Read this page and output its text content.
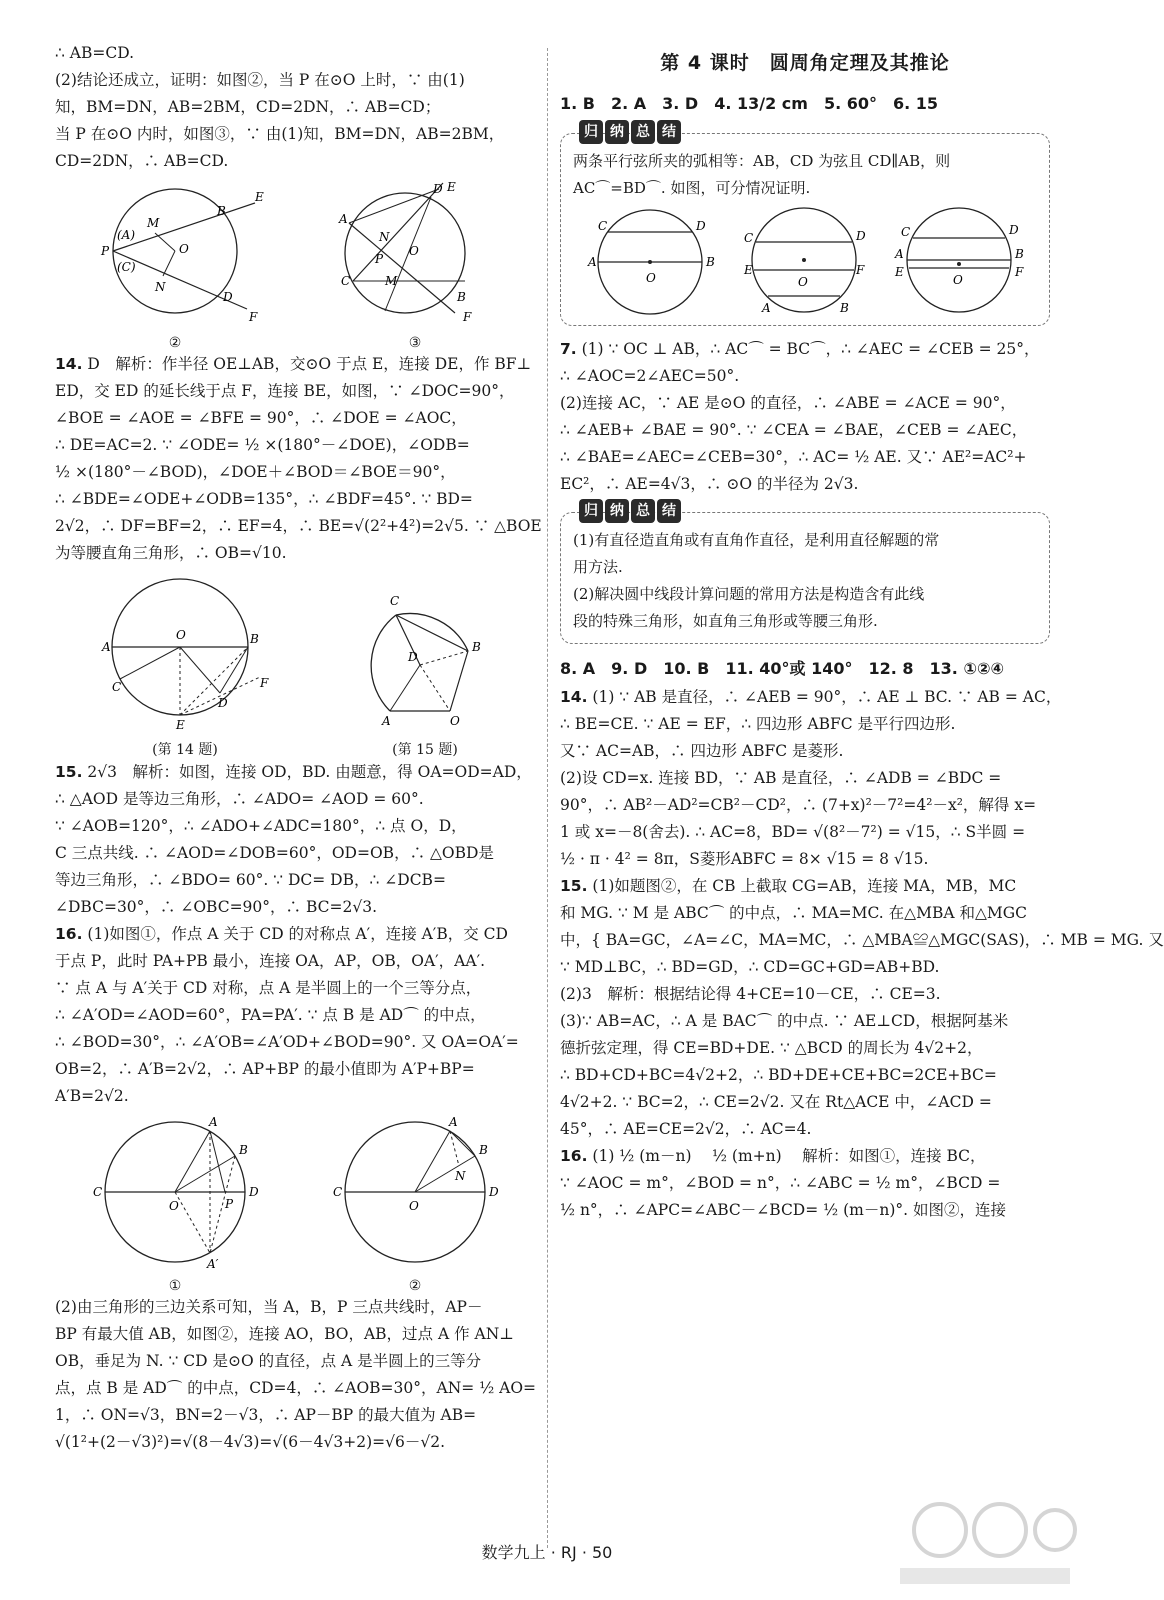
∴ AB=CD.
(2)结论还成立，证明：如图②，当 P 在⊙O 上时，∵ 由(1)
知，BM=DN，AB=2BM，CD=2DN，∴ AB=CD；
当 P 在⊙O 内时，如图③，∵ 由(1)知，BM=DN，AB=2BM，
CD=2DN，∴ AB=CD.
P
(A)
(C)
M
N
O
B
E
D
F
②
A
C
N
P
M
O
D E
B
F
③
14. D　解析：作半径 OE⊥AB，交⊙O 于点 E，连接 DE，作 BF⊥
ED，交 ED 的延长线于点 F，连接 BE，如图，∵ ∠DOC=90°，
∠BOE = ∠AOE = ∠BFE = 90°，∴ ∠DOE = ∠AOC，
∴ DE=AC=2. ∵ ∠ODE= ½ ×(180°－∠DOE)，∠ODB=
½ ×(180°－∠BOD)，∠DOE＋∠BOD＝∠BOE＝90°，
∴ ∠BDE=∠ODE+∠ODB=135°，∴ ∠BDF=45°. ∵ BD=
2√2，∴ DF=BF=2，∴ EF=4，∴ BE=√(2²+4²)=2√5. ∵ △BOE
为等腰直角三角形，∴ OB=√10.
A
C
O	B
D
E
F
(第 14 题)
C
D
B
A	O
(第 15 题)
15. 2√3　解析：如图，连接 OD，BD. 由题意，得 OA=OD=AD，
∴ △AOD 是等边三角形，∴ ∠ADO= ∠AOD = 60°.
∵ ∠AOB=120°，∴ ∠ADO+∠ADC=180°，∴ 点 O，D，
C 三点共线. ∴ ∠AOD=∠DOB=60°，OD=OB，∴ △OBD是
等边三角形，∴ ∠BDO= 60°. ∵ DC= DB，∴ ∠DCB=
∠DBC=30°，∴ ∠OBC=90°，∴ BC=2√3.
16. (1)如图①，作点 A 关于 CD 的对称点 A′，连接 A′B，交 CD
于点 P，此时 PA+PB 最小，连接 OA，AP，OB，OA′，AA′.
∵ 点 A 与 A′关于 CD 对称，点 A 是半圆上的一个三等分点，
∴ ∠A′OD=∠AOD=60°，PA=PA′. ∵ 点 B 是 AD⌒ 的中点，
∴ ∠BOD=30°，∴ ∠A′OB=∠A′OD+∠BOD=90°. 又 OA=OA′=
OB=2，∴ A′B=2√2，∴ AP+BP 的最小值即为 A′P+BP=
A′B=2√2.
C
O
D
A
B
P
A′
①
C
O
D
A
B
N
②
(2)由三角形的三边关系可知，当 A，B，P 三点共线时，AP－
BP 有最大值 AB，如图②，连接 AO，BO，AB，过点 A 作 AN⊥
OB，垂足为 N. ∵ CD 是⊙O 的直径，点 A 是半圆上的三等分
点，点 B 是 AD⌒ 的中点，CD=4，∴ ∠AOB=30°，AN= ½ AO=
1，∴ ON=√3，BN=2－√3，∴ AP－BP 的最大值为 AB=
√(1²+(2－√3)²)=√(8－4√3)=√(6－4√3+2)=√6－√2.
第 4 课时　圆周角定理及其推论
1. B　2. A　3. D　4. 13/2 cm　5. 60°　6. 15
归 纳 总 结
两条平行弦所夹的弧相等：AB，CD 为弦且 CD∥AB，则
AC⌒=BD⌒. 如图，可分情况证明.
A	B
C	D
O
C	D
E	F
A	B
O
C	D
A	B
E	F
O
7. (1) ∵ OC ⊥ AB，∴ AC⌒ = BC⌒，∴ ∠AEC = ∠CEB = 25°，
∴ ∠AOC=2∠AEC=50°.
(2)连接 AC，∵ AE 是⊙O 的直径，∴ ∠ABE = ∠ACE = 90°，
∴ ∠AEB+ ∠BAE = 90°. ∵ ∠CEA = ∠BAE，∠CEB = ∠AEC，
∴ ∠BAE=∠AEC=∠CEB=30°，∴ AC= ½ AE. 又∵ AE²=AC²+
EC²，∴ AE=4√3，∴ ⊙O 的半径为 2√3.
归 纳 总 结
(1)有直径造直角或有直角作直径，是利用直径解题的常
用方法.
(2)解决圆中线段计算问题的常用方法是构造含有此线
段的特殊三角形，如直角三角形或等腰三角形.
8. A　9. D　10. B　11. 40°或 140°　12. 8　13. ①②④
14. (1) ∵ AB 是直径，∴ ∠AEB = 90°，∴ AE ⊥ BC. ∵ AB = AC，
∴ BE=CE. ∵ AE = EF，∴ 四边形 ABFC 是平行四边形.
又∵ AC=AB，∴ 四边形 ABFC 是菱形.
(2)设 CD=x. 连接 BD，∵ AB 是直径，∴ ∠ADB = ∠BDC =
90°，∴ AB²－AD²=CB²－CD²，∴ (7+x)²－7²=4²－x²，解得 x=
1 或 x=－8(舍去). ∴ AC=8，BD= √(8²－7²) = √15，∴ S半圆 =
½ · π · 4² = 8π，S菱形ABFC = 8× √15 = 8 √15.
15. (1)如题图②，在 CB 上截取 CG=AB，连接 MA，MB，MC
和 MG. ∵ M 是 ABC⌒ 的中点，∴ MA=MC. 在△MBA 和△MGC
中，{ BA=GC，∠A=∠C，MA=MC，∴ △MBA≌△MGC(SAS)，∴ MB = MG. 又
∵ MD⊥BC，∴ BD=GD，∴ CD=GC+GD=AB+BD.
(2)3　解析：根据结论得 4+CE=10－CE，∴ CE=3.
(3)∵ AB=AC，∴ A 是 BAC⌒ 的中点. ∵ AE⊥CD，根据阿基米
德折弦定理，得 CE=BD+DE. ∵ △BCD 的周长为 4√2+2，
∴ BD+CD+BC=4√2+2，∴ BD+DE+CE+BC=2CE+BC=
4√2+2. ∵ BC=2，∴ CE=2√2. 又在 Rt△ACE 中，∠ACD =
45°，∴ AE=CE=2√2，∴ AC=4.
16. (1) ½ (m－n)　 ½ (m+n)　 解析：如图①，连接 BC，
∵ ∠AOC = m°，∠BOD = n°，∴ ∠ABC = ½ m°，∠BCD =
½ n°，∴ ∠APC=∠ABC－∠BCD= ½ (m－n)°. 如图②，连接
数学九上 · RJ · 50
